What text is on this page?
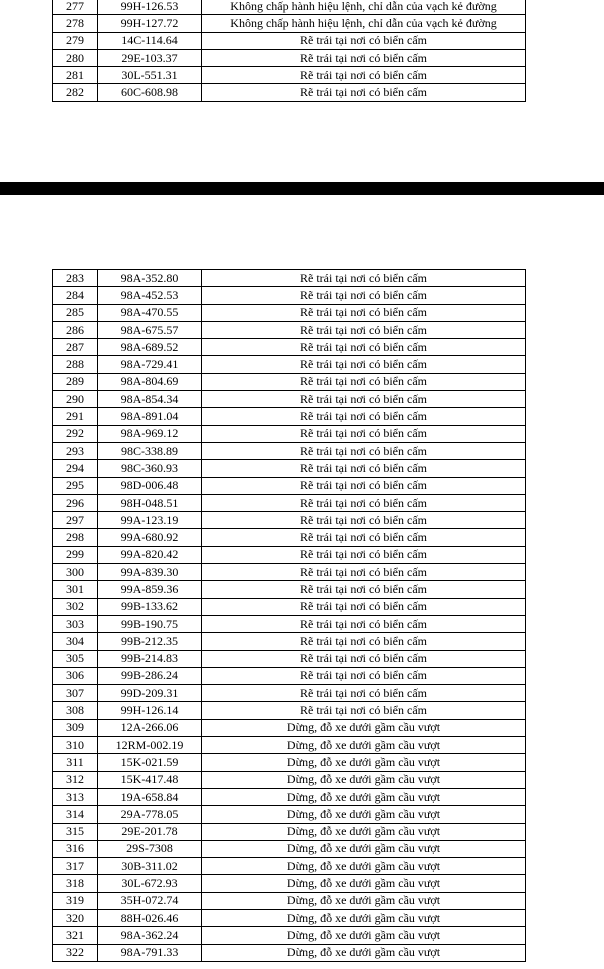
277	99H-126.53	Không chấp hành hiệu lệnh, chỉ dẫn của vạch kẻ đường
278	99H-127.72	Không chấp hành hiệu lệnh, chỉ dẫn của vạch kẻ đường
279	14C-114.64	Rẽ trái tại nơi có biển cấm
280	29E-103.37	Rẽ trái tại nơi có biển cấm
281	30L-551.31	Rẽ trái tại nơi có biển cấm
282	60C-608.98	Rẽ trái tại nơi có biển cấm
283	98A-352.80	Rẽ trái tại nơi có biển cấm
284	98A-452.53	Rẽ trái tại nơi có biển cấm
285	98A-470.55	Rẽ trái tại nơi có biển cấm
286	98A-675.57	Rẽ trái tại nơi có biển cấm
287	98A-689.52	Rẽ trái tại nơi có biển cấm
288	98A-729.41	Rẽ trái tại nơi có biển cấm
289	98A-804.69	Rẽ trái tại nơi có biển cấm
290	98A-854.34	Rẽ trái tại nơi có biển cấm
291	98A-891.04	Rẽ trái tại nơi có biển cấm
292	98A-969.12	Rẽ trái tại nơi có biển cấm
293	98C-338.89	Rẽ trái tại nơi có biển cấm
294	98C-360.93	Rẽ trái tại nơi có biển cấm
295	98D-006.48	Rẽ trái tại nơi có biển cấm
296	98H-048.51	Rẽ trái tại nơi có biển cấm
297	99A-123.19	Rẽ trái tại nơi có biển cấm
298	99A-680.92	Rẽ trái tại nơi có biển cấm
299	99A-820.42	Rẽ trái tại nơi có biển cấm
300	99A-839.30	Rẽ trái tại nơi có biển cấm
301	99A-859.36	Rẽ trái tại nơi có biển cấm
302	99B-133.62	Rẽ trái tại nơi có biển cấm
303	99B-190.75	Rẽ trái tại nơi có biển cấm
304	99B-212.35	Rẽ trái tại nơi có biển cấm
305	99B-214.83	Rẽ trái tại nơi có biển cấm
306	99B-286.24	Rẽ trái tại nơi có biển cấm
307	99D-209.31	Rẽ trái tại nơi có biển cấm
308	99H-126.14	Rẽ trái tại nơi có biển cấm
309	12A-266.06	Dừng, đỗ xe dưới gầm cầu vượt
310	12RM-002.19	Dừng, đỗ xe dưới gầm cầu vượt
311	15K-021.59	Dừng, đỗ xe dưới gầm cầu vượt
312	15K-417.48	Dừng, đỗ xe dưới gầm cầu vượt
313	19A-658.84	Dừng, đỗ xe dưới gầm cầu vượt
314	29A-778.05	Dừng, đỗ xe dưới gầm cầu vượt
315	29E-201.78	Dừng, đỗ xe dưới gầm cầu vượt
316	29S-7308	Dừng, đỗ xe dưới gầm cầu vượt
317	30B-311.02	Dừng, đỗ xe dưới gầm cầu vượt
318	30L-672.93	Dừng, đỗ xe dưới gầm cầu vượt
319	35H-072.74	Dừng, đỗ xe dưới gầm cầu vượt
320	88H-026.46	Dừng, đỗ xe dưới gầm cầu vượt
321	98A-362.24	Dừng, đỗ xe dưới gầm cầu vượt
322	98A-791.33	Dừng, đỗ xe dưới gầm cầu vượt
